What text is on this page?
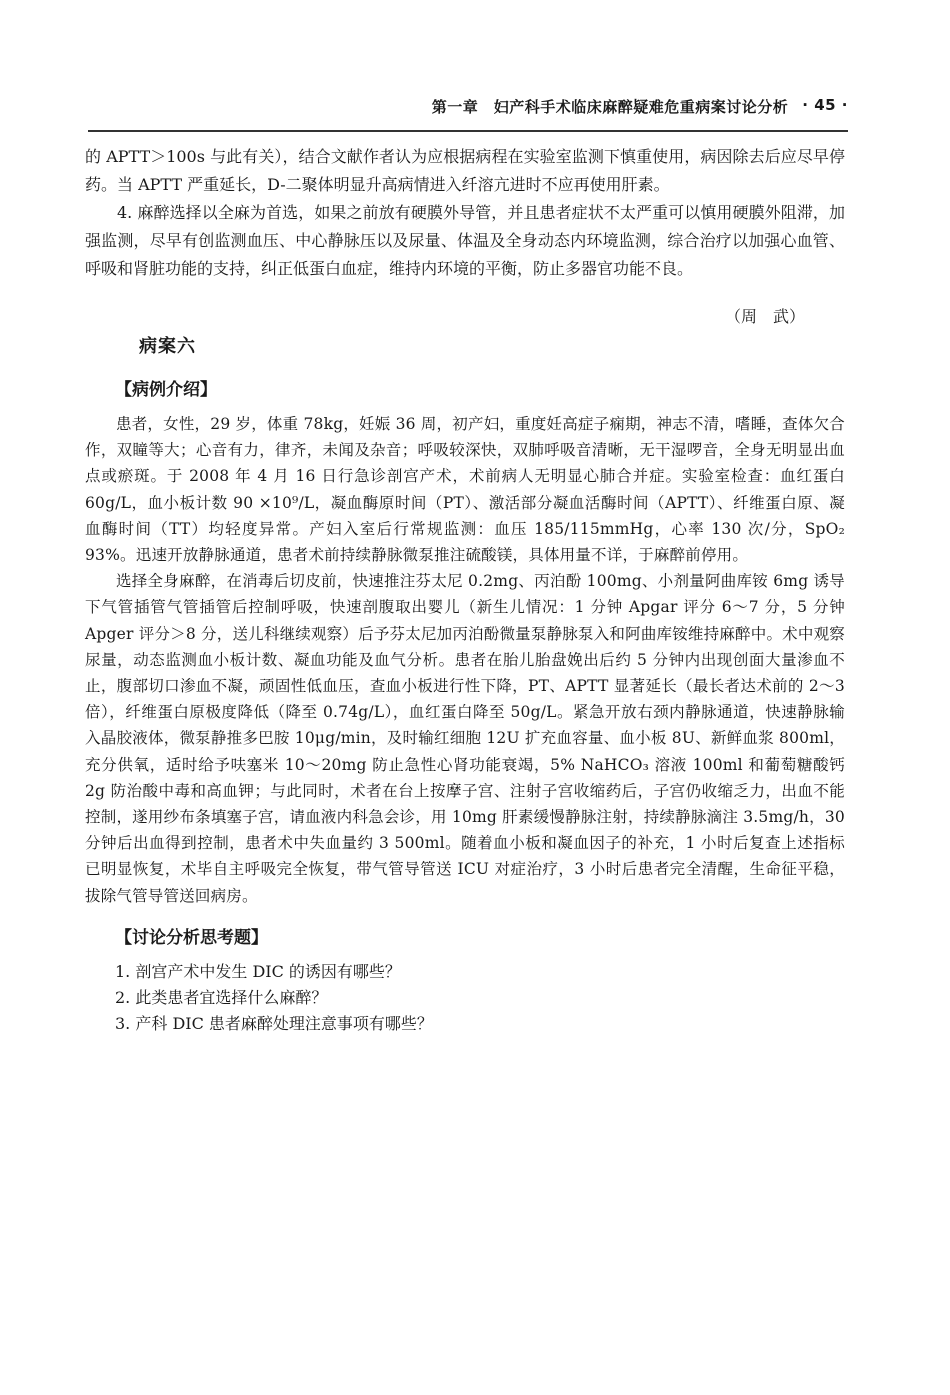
第一章　妇产科手术临床麻醉疑难危重病案讨论分析 · 45 ·

的 APTT＞100s 与此有关），结合文献作者认为应根据病程在实验室监测下慎重使用，病因除去后应尽早停药。当 APTT 严重延长，D-二聚体明显升高病情进入纤溶亢进时不应再使用肝素。

4. 麻醉选择以全麻为首选，如果之前放有硬膜外导管，并且患者症状不太严重可以慎用硬膜外阻滞，加强监测，尽早有创监测血压、中心静脉压以及尿量、体温及全身动态内环境监测，综合治疗以加强心血管、呼吸和肾脏功能的支持，纠正低蛋白血症，维持内环境的平衡，防止多器官功能不良。

（周　武）
病案六
【病例介绍】

患者，女性，29 岁，体重 78kg，妊娠 36 周，初产妇，重度妊高症子痫期，神志不清，嗜睡，查体欠合作，双瞳等大；心音有力，律齐，未闻及杂音；呼吸较深快，双肺呼吸音清晰，无干湿啰音，全身无明显出血点或瘀斑。于 2008 年 4 月 16 日行急诊剖宫产术，术前病人无明显心肺合并症。实验室检查：血红蛋白 60g/L，血小板计数 90 ×10⁹/L，凝血酶原时间（PT）、激活部分凝血活酶时间（APTT）、纤维蛋白原、凝血酶时间（TT）均轻度异常。产妇入室后行常规监测：血压 185/115mmHg，心率 130 次/分，SpO₂ 93%。迅速开放静脉通道，患者术前持续静脉微泵推注硫酸镁，具体用量不详，于麻醉前停用。

选择全身麻醉，在消毒后切皮前，快速推注芬太尼 0.2mg、丙泊酚 100mg、小剂量阿曲库铵 6mg 诱导下气管插管气管插管后控制呼吸，快速剖腹取出婴儿（新生儿情况：1 分钟 Apgar 评分 6～7 分，5 分钟 Apger 评分＞8 分，送儿科继续观察）后予芬太尼加丙泊酚微量泵静脉泵入和阿曲库铵维持麻醉中。术中观察尿量，动态监测血小板计数、凝血功能及血气分析。患者在胎儿胎盘娩出后约 5 分钟内出现创面大量渗血不止，腹部切口渗血不凝，顽固性低血压，查血小板进行性下降，PT、APTT 显著延长（最长者达术前的 2～3 倍），纤维蛋白原极度降低（降至 0.74g/L），血红蛋白降至 50g/L。紧急开放右颈内静脉通道，快速静脉输入晶胶液体，微泵静推多巴胺 10μg/min，及时输红细胞 12U 扩充血容量、血小板 8U、新鲜血浆 800ml，充分供氧，适时给予呋塞米 10～20mg 防止急性心肾功能衰竭，5% NaHCO₃ 溶液 100ml 和葡萄糖酸钙 2g 防治酸中毒和高血钾；与此同时，术者在台上按摩子宫、注射子宫收缩药后，子宫仍收缩乏力，出血不能控制，遂用纱布条填塞子宫，请血液内科急会诊，用 10mg 肝素缓慢静脉注射，持续静脉滴注 3.5mg/h，30 分钟后出血得到控制，患者术中失血量约 3 500ml。随着血小板和凝血因子的补充，1 小时后复查上述指标已明显恢复，术毕自主呼吸完全恢复，带气管导管送 ICU 对症治疗，3 小时后患者完全清醒，生命征平稳，拔除气管导管送回病房。

【讨论分析思考题】
1. 剖宫产术中发生 DIC 的诱因有哪些？
2. 此类患者宜选择什么麻醉？
3. 产科 DIC 患者麻醉处理注意事项有哪些？
